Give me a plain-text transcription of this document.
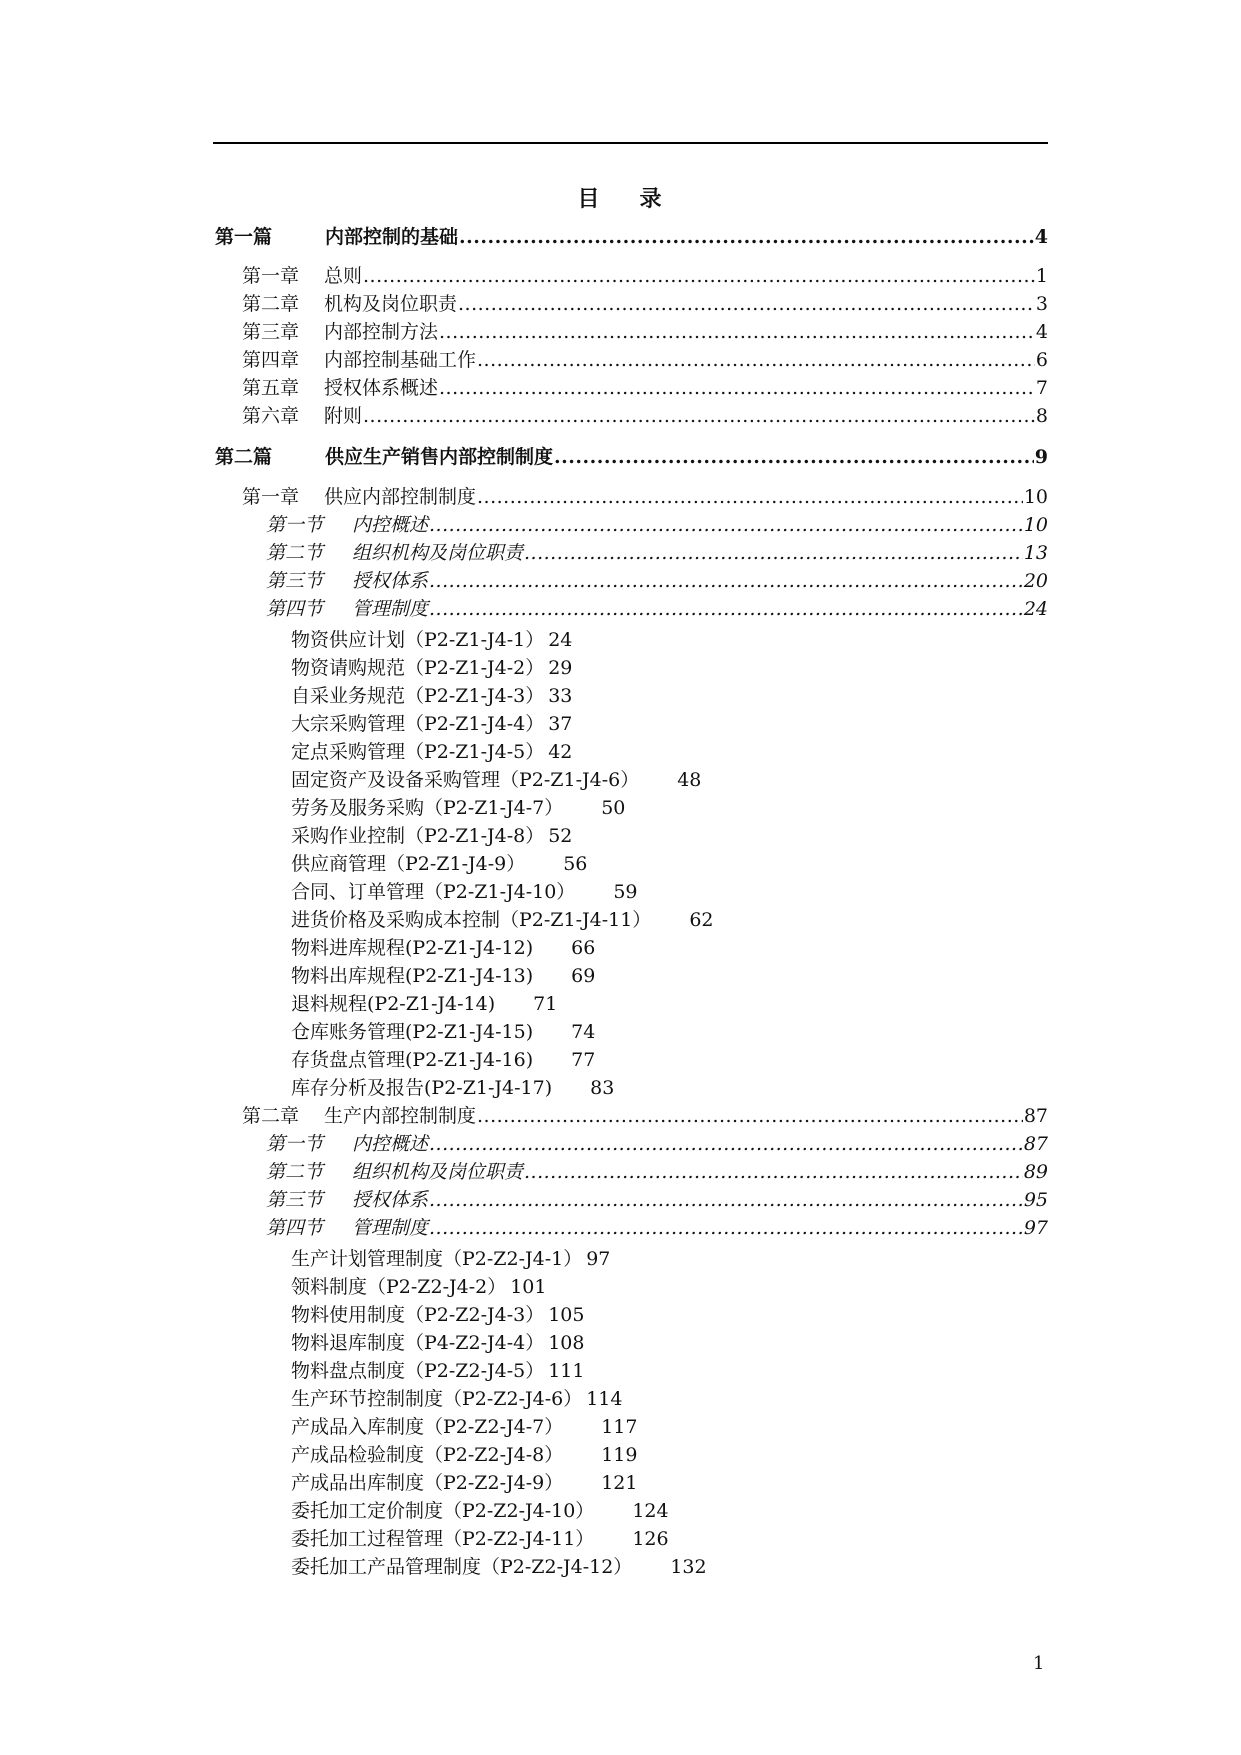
目 录
第一篇	内部控制的基础 .....	4
第一章	总则 .....	1
第二章	机构及岗位职责 .....	3
第三章	内部控制方法 .....	4
第四章	内部控制基础工作 .....	6
第五章	授权体系概述 .....	7
第六章	附则 .....	8
第二篇	供应生产销售内部控制制度 .....	9
第一章	供应内部控制制度 .....	10
第一节	内控概述 .....	10
第二节	组织机构及岗位职责 .....	13
第三节	授权体系 .....	20
第四节	管理制度 .....	24
物资供应计划（P2-Z1-J4-1） 24
物资请购规范（P2-Z1-J4-2） 29
自采业务规范（P2-Z1-J4-3） 33
大宗采购管理（P2-Z1-J4-4） 37
定点采购管理（P2-Z1-J4-5） 42
固定资产及设备采购管理（P2-Z1-J4-6） 48
劳务及服务采购（P2-Z1-J4-7） 50
采购作业控制（P2-Z1-J4-8） 52
供应商管理（P2-Z1-J4-9） 56
合同、订单管理（P2-Z1-J4-10） 59
进货价格及采购成本控制（P2-Z1-J4-11） 62
物料进库规程(P2-Z1-J4-12) 66
物料出库规程(P2-Z1-J4-13) 69
退料规程(P2-Z1-J4-14) 71
仓库账务管理(P2-Z1-J4-15) 74
存货盘点管理(P2-Z1-J4-16) 77
库存分析及报告(P2-Z1-J4-17) 83
第二章	生产内部控制制度 .....	87
第一节	内控概述 .....	87
第二节	组织机构及岗位职责 .....	89
第三节	授权体系 .....	95
第四节	管理制度 .....	97
生产计划管理制度（P2-Z2-J4-1） 97
领料制度（P2-Z2-J4-2） 101
物料使用制度（P2-Z2-J4-3） 105
物料退库制度（P4-Z2-J4-4） 108
物料盘点制度（P2-Z2-J4-5） 111
生产环节控制制度（P2-Z2-J4-6） 114
产成品入库制度（P2-Z2-J4-7） 117
产成品检验制度（P2-Z2-J4-8） 119
产成品出库制度（P2-Z2-J4-9） 121
委托加工定价制度（P2-Z2-J4-10） 124
委托加工过程管理（P2-Z2-J4-11） 126
委托加工产品管理制度（P2-Z2-J4-12） 132
1
